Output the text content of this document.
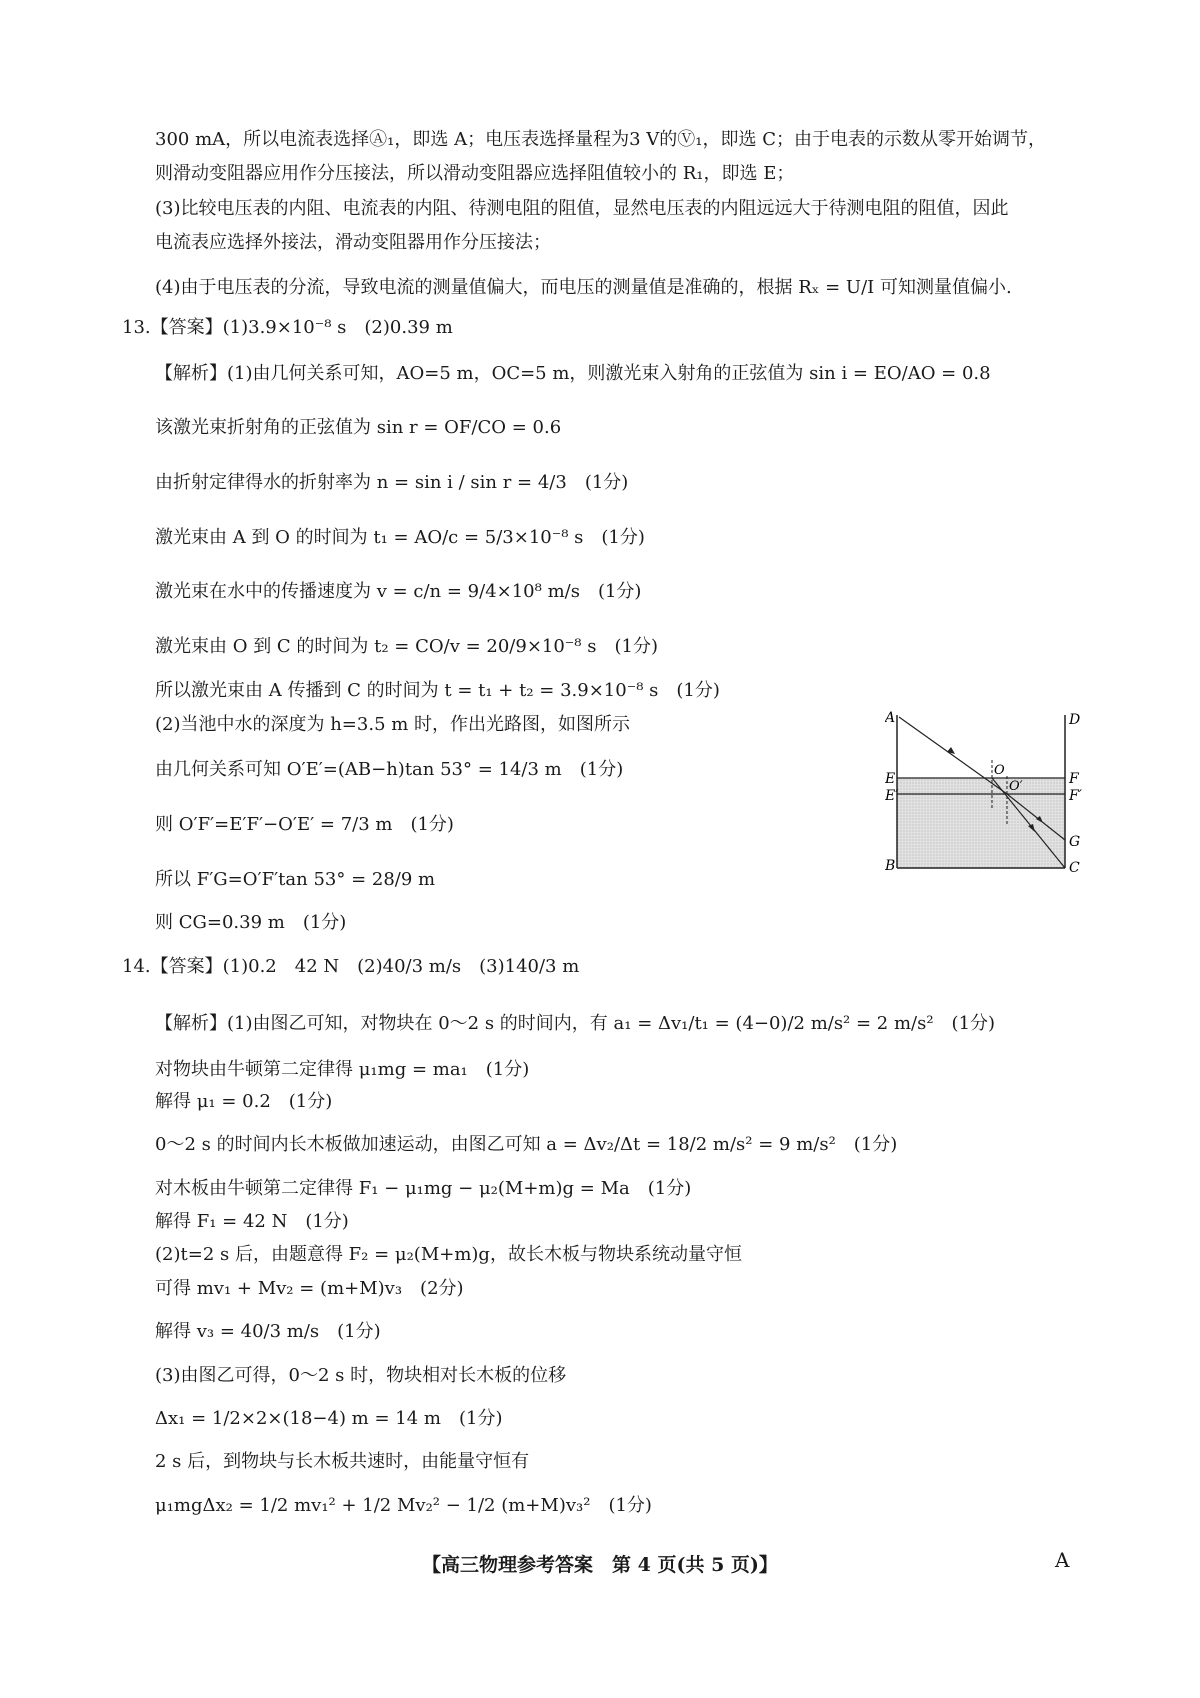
300 mA，所以电流表选择Ⓐ₁，即选 A；电压表选择量程为3 V的Ⓥ₁，即选 C；由于电表的示数从零开始调节，
则滑动变阻器应用作分压接法，所以滑动变阻器应选择阻值较小的 R₁，即选 E；
(3)比较电压表的内阻、电流表的内阻、待测电阻的阻值，显然电压表的内阻远远大于待测电阻的阻值，因此
电流表应选择外接法，滑动变阻器用作分压接法；
(4)由于电压表的分流，导致电流的测量值偏大，而电压的测量值是准确的，根据 Rₓ = U/I 可知测量值偏小.
13.【答案】(1)3.9×10⁻⁸ s　(2)0.39 m
【解析】(1)由几何关系可知，AO=5 m，OC=5 m，则激光束入射角的正弦值为 sin i = EO/AO = 0.8
该激光束折射角的正弦值为 sin r = OF/CO = 0.6
由折射定律得水的折射率为 n = sin i / sin r = 4/3　(1分)
激光束由 A 到 O 的时间为 t₁ = AO/c = 5/3×10⁻⁸ s　(1分)
激光束在水中的传播速度为 v = c/n = 9/4×10⁸ m/s　(1分)
激光束由 O 到 C 的时间为 t₂ = CO/v = 20/9×10⁻⁸ s　(1分)
所以激光束由 A 传播到 C 的时间为 t = t₁ + t₂ = 3.9×10⁻⁸ s　(1分)
(2)当池中水的深度为 h=3.5 m 时，作出光路图，如图所示
由几何关系可知 O′E′=(AB−h)tan 53° = 14/3 m　(1分)
则 O′F′=E′F′−O′E′ = 7/3 m　(1分)
所以 F′G=O′F′tan 53° = 28/9 m
则 CG=0.39 m　(1分)
14.【答案】(1)0.2　42 N　(2)40/3 m/s　(3)140/3 m
【解析】(1)由图乙可知，对物块在 0～2 s 的时间内，有 a₁ = Δv₁/t₁ = (4−0)/2 m/s² = 2 m/s²　(1分)
对物块由牛顿第二定律得 μ₁mg = ma₁　(1分)
解得 μ₁ = 0.2　(1分)
0～2 s 的时间内长木板做加速运动，由图乙可知 a = Δv₂/Δt = 18/2 m/s² = 9 m/s²　(1分)
对木板由牛顿第二定律得 F₁ − μ₁mg − μ₂(M+m)g = Ma　(1分)
解得 F₁ = 42 N　(1分)
(2)t=2 s 后，由题意得 F₂ = μ₂(M+m)g，故长木板与物块系统动量守恒
可得 mv₁ + Mv₂ = (m+M)v₃　(2分)
解得 v₃ = 40/3 m/s　(1分)
(3)由图乙可得，0～2 s 时，物块相对长木板的位移
Δx₁ = 1/2×2×(18−4) m = 14 m　(1分)
2 s 后，到物块与长木板共速时，由能量守恒有
μ₁mgΔx₂ = 1/2 mv₁² + 1/2 Mv₂² − 1/2 (m+M)v₃²　(1分)
A	D
E
E′
F
F′
O
O′
G
B	C
【高三物理参考答案　第 4 页(共 5 页)】	A
